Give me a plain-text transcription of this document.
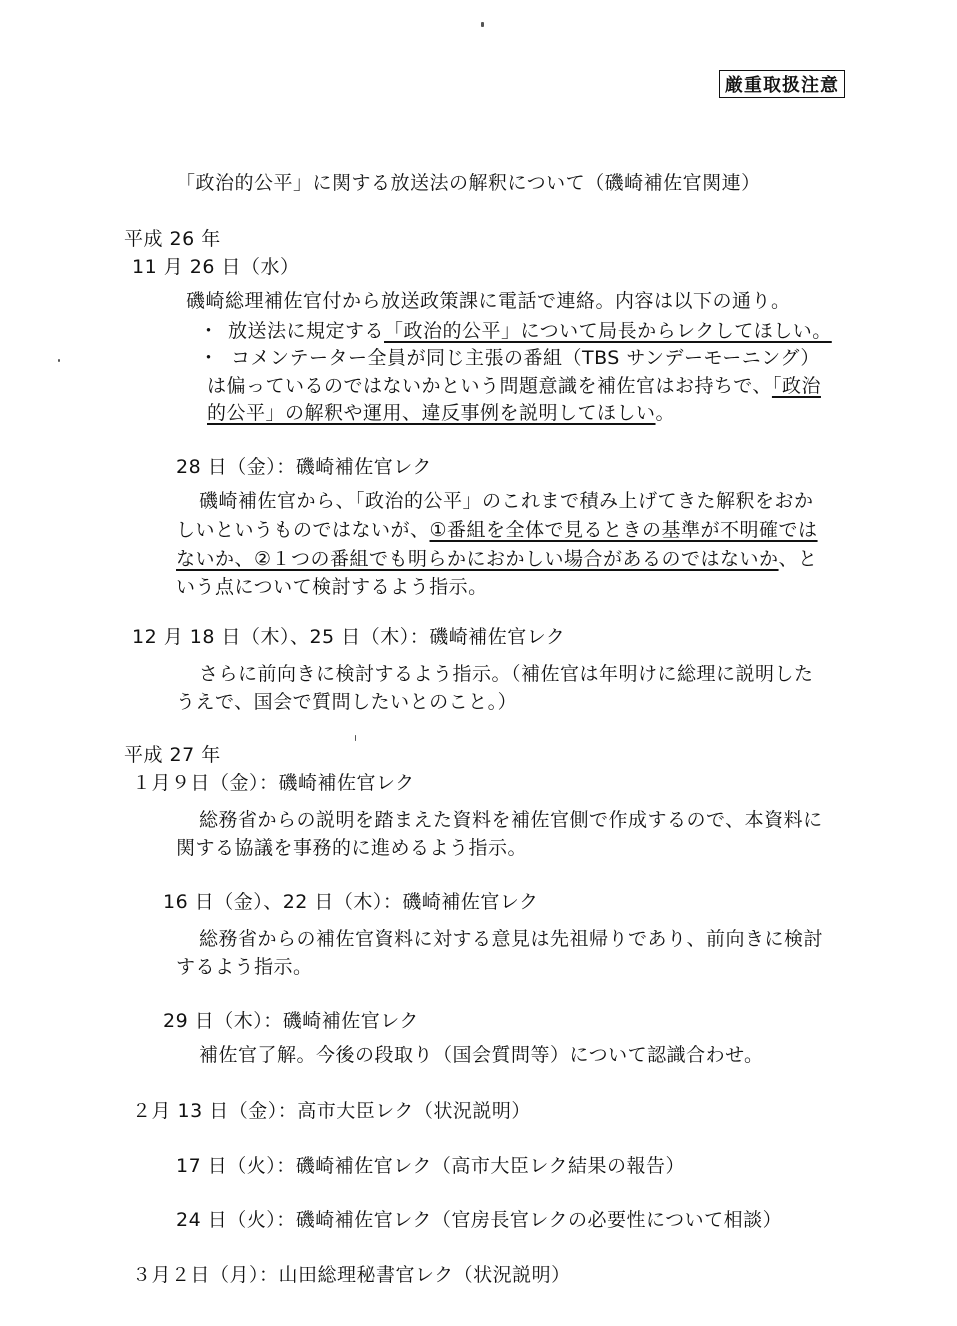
厳重取扱注意
「政治的公平」に関する放送法の解釈について（磯崎補佐官関連）
平成 26 年
11 月 26 日（水）
磯崎総理補佐官付から放送政策課に電話で連絡。内容は以下の通り。
・ 放送法に規定する「政治的公平」について局長からレクしてほしい。
・ コメンテーター全員が同じ主張の番組（TBS サンデーモーニング）
は偏っているのではないかという問題意識を補佐官はお持ちで、「政治
的公平」の解釈や運用、違反事例を説明してほしい。
28 日（金）：磯崎補佐官レク
磯崎補佐官から、「政治的公平」のこれまで積み上げてきた解釈をおか
しいというものではないが、①番組を全体で見るときの基準が不明確では
ないか、②１つの番組でも明らかにおかしい場合があるのではないか、と
いう点について検討するよう指示。
12 月 18 日（木）、25 日（木）：磯崎補佐官レク
さらに前向きに検討するよう指示。（補佐官は年明けに総理に説明した
うえで、国会で質問したいとのこと。）
平成 27 年
１月９日（金）：磯崎補佐官レク
総務省からの説明を踏まえた資料を補佐官側で作成するので、本資料に
関する協議を事務的に進めるよう指示。
16 日（金）、22 日（木）：磯崎補佐官レク
総務省からの補佐官資料に対する意見は先祖帰りであり、前向きに検討
するよう指示。
29 日（木）：磯崎補佐官レク
補佐官了解。今後の段取り（国会質問等）について認識合わせ。
２月 13 日（金）：高市大臣レク（状況説明）
17 日（火）：磯崎補佐官レク（高市大臣レク結果の報告）
24 日（火）：磯崎補佐官レク（官房長官レクの必要性について相談）
３月２日（月）：山田総理秘書官レク（状況説明）
